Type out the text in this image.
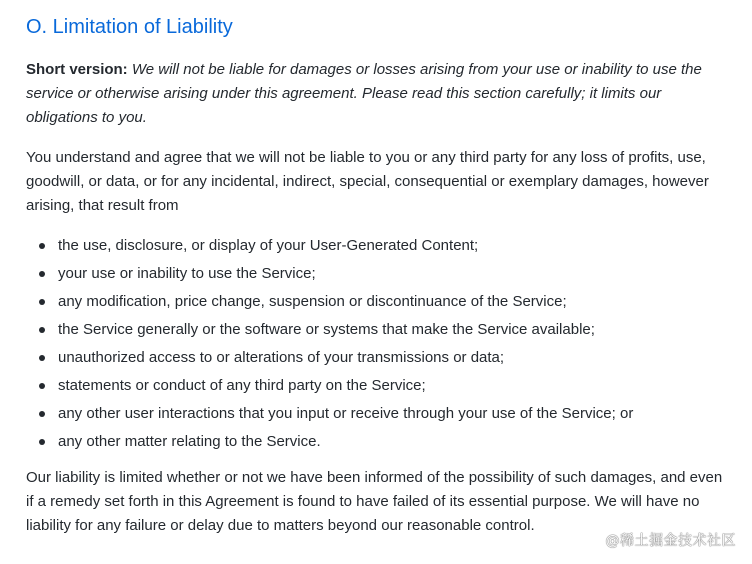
O. Limitation of Liability

Short version: We will not be liable for damages or losses arising from your use or inability to use the service or otherwise arising under this agreement. Please read this section carefully; it limits our obligations to you.

You understand and agree that we will not be liable to you or any third party for any loss of profits, use, goodwill, or data, or for any incidental, indirect, special, consequential or exemplary damages, however arising, that result from

the use, disclosure, or display of your User-Generated Content;
your use or inability to use the Service;
any modification, price change, suspension or discontinuance of the Service;
the Service generally or the software or systems that make the Service available;
unauthorized access to or alterations of your transmissions or data;
statements or conduct of any third party on the Service;
any other user interactions that you input or receive through your use of the Service; or
any other matter relating to the Service.

Our liability is limited whether or not we have been informed of the possibility of such damages, and even if a remedy set forth in this Agreement is found to have failed of its essential purpose. We will have no liability for any failure or delay due to matters beyond our reasonable control.

@稀土掘金技术社区
